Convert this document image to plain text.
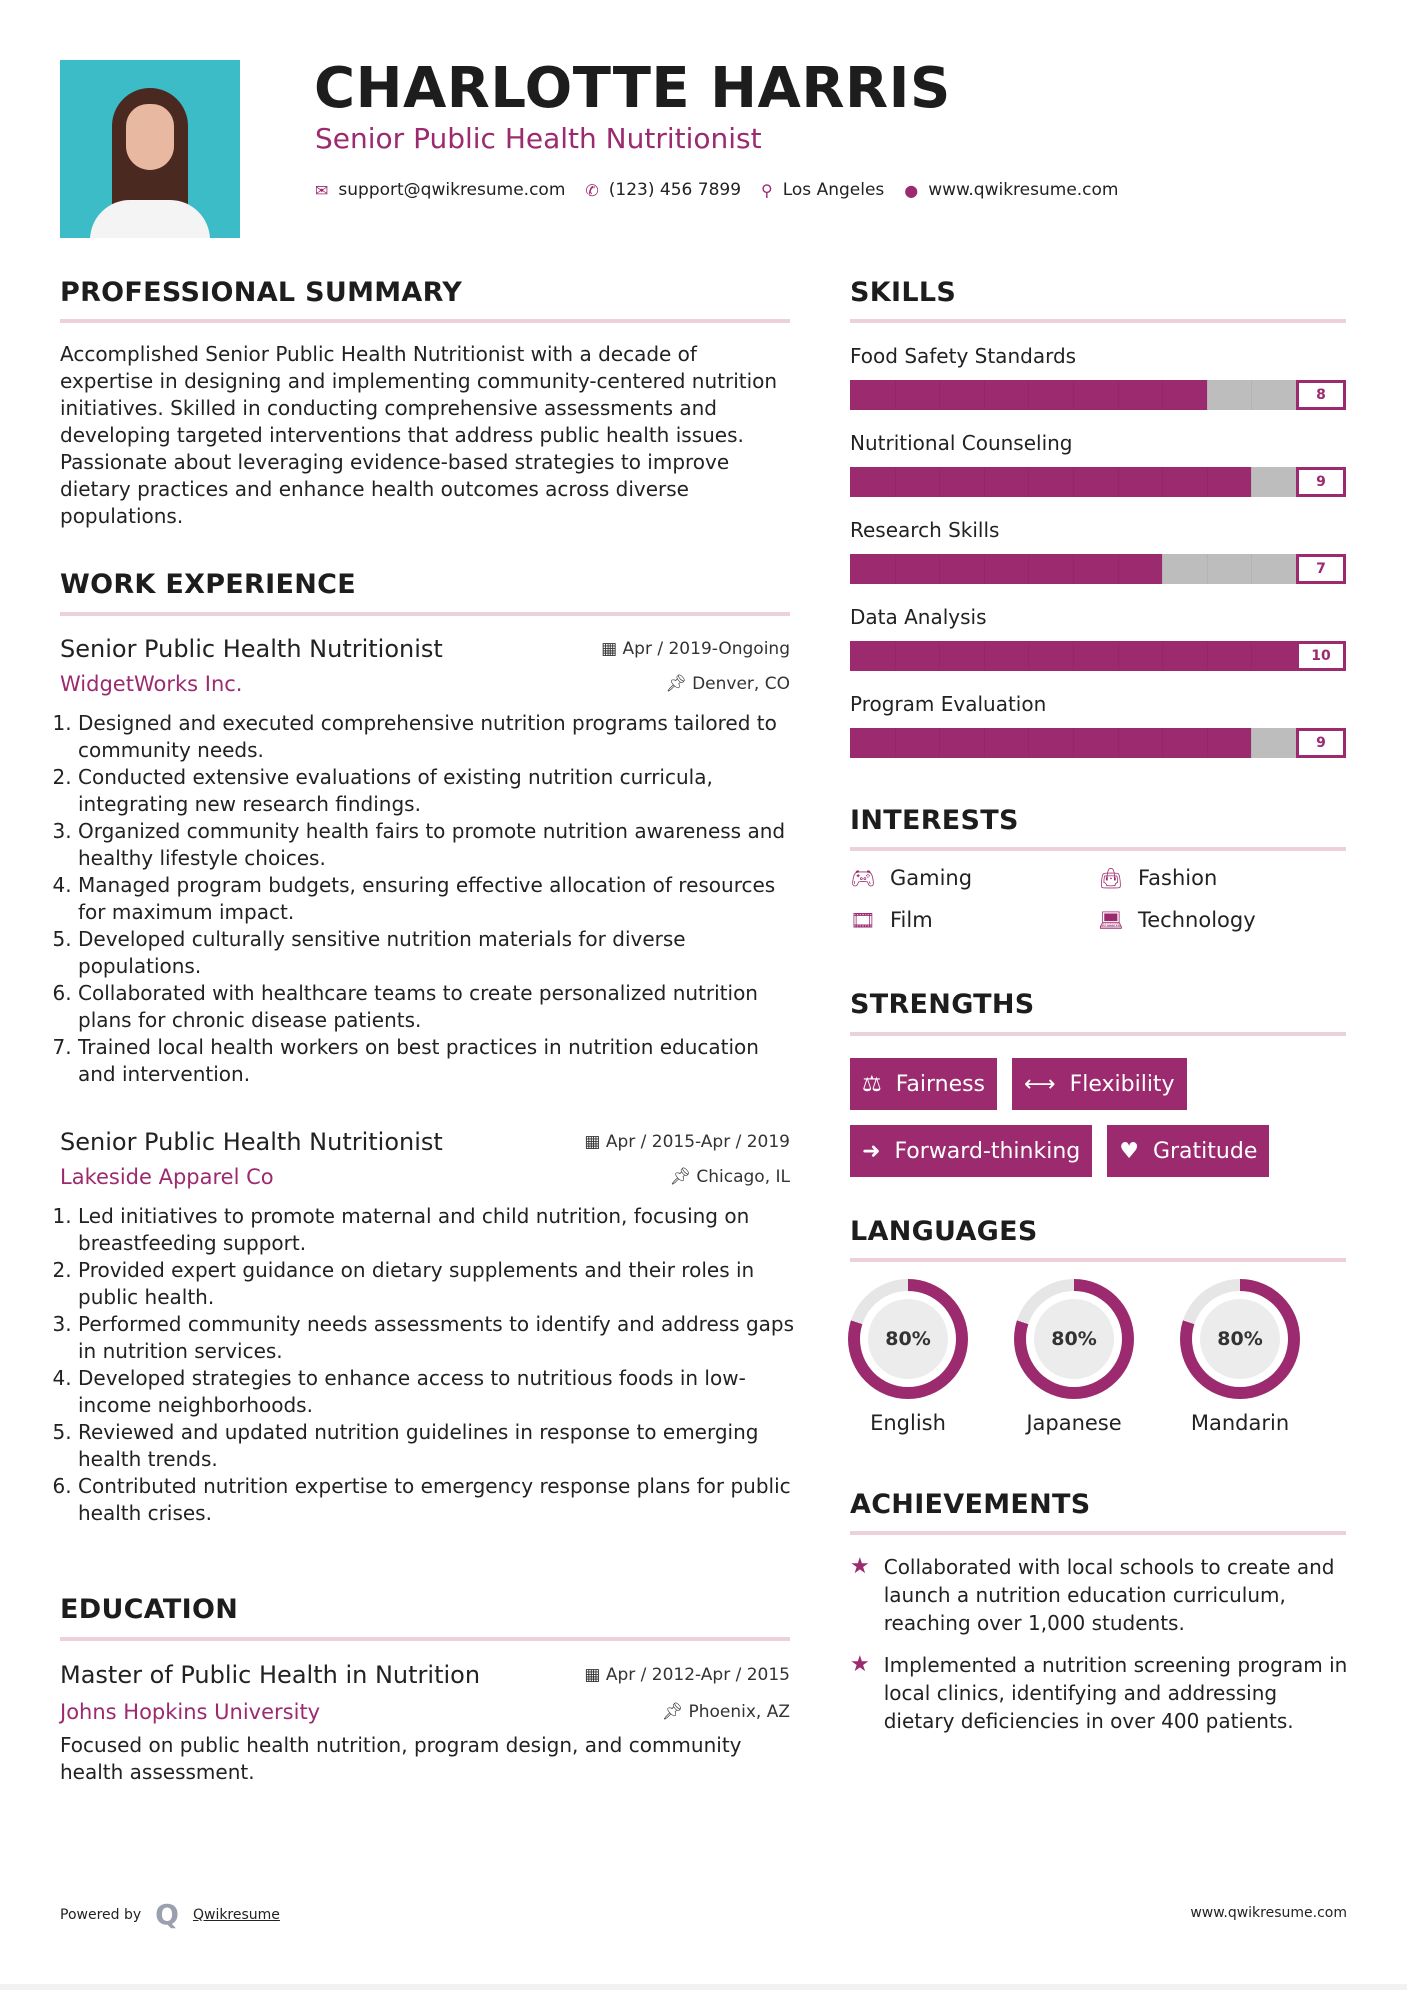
CHARLOTTE HARRIS
Senior Public Health Nutritionist
✉ support@qwikresume.com ✆ (123) 456 7899 ⚲ Los Angeles ● www.qwikresume.com
PROFESSIONAL SUMMARY
Accomplished Senior Public Health Nutritionist with a decade of expertise in designing and implementing community-centered nutrition initiatives. Skilled in conducting comprehensive assessments and developing targeted interventions that address public health issues. Passionate about leveraging evidence-based strategies to improve dietary practices and enhance health outcomes across diverse populations.
WORK EXPERIENCE
Senior Public Health Nutritionist	▦ Apr / 2019-Ongoing
WidgetWorks Inc.	📌︎ Denver, CO
1. Designed and executed comprehensive nutrition programs tailored to community needs.
2. Conducted extensive evaluations of existing nutrition curricula, integrating new research findings.
3. Organized community health fairs to promote nutrition awareness and healthy lifestyle choices.
4. Managed program budgets, ensuring effective allocation of resources for maximum impact.
5. Developed culturally sensitive nutrition materials for diverse populations.
6. Collaborated with healthcare teams to create personalized nutrition plans for chronic disease patients.
7. Trained local health workers on best practices in nutrition education and intervention.
Senior Public Health Nutritionist	▦ Apr / 2015-Apr / 2019
Lakeside Apparel Co	📌︎ Chicago, IL
1. Led initiatives to promote maternal and child nutrition, focusing on breastfeeding support.
2. Provided expert guidance on dietary supplements and their roles in public health.
3. Performed community needs assessments to identify and address gaps in nutrition services.
4. Developed strategies to enhance access to nutritious foods in low-income neighborhoods.
5. Reviewed and updated nutrition guidelines in response to emerging health trends.
6. Contributed nutrition expertise to emergency response plans for public health crises.
EDUCATION
Master of Public Health in Nutrition	▦ Apr / 2012-Apr / 2015
Johns Hopkins University	📌︎ Phoenix, AZ
Focused on public health nutrition, program design, and community health assessment.
SKILLS
Food Safety Standards
8
Nutritional Counseling
9
Research Skills
7
Data Analysis
10
Program Evaluation
9
INTERESTS
🎮︎ Gaming	👜︎ Fashion
🎞︎ Film	💻︎ Technology
STRENGTHS
⚖ Fairness ⟷ Flexibility
➜ Forward-thinking ♥ Gratitude
LANGUAGES
80%
English
80%
Japanese
80%
Mandarin
ACHIEVEMENTS
★ Collaborated with local schools to create and launch a nutrition education curriculum, reaching over 1,000 students.
★ Implemented a nutrition screening program in local clinics, identifying and addressing dietary deficiencies in over 400 patients.
Powered by Q Qwikresume	www.qwikresume.com
